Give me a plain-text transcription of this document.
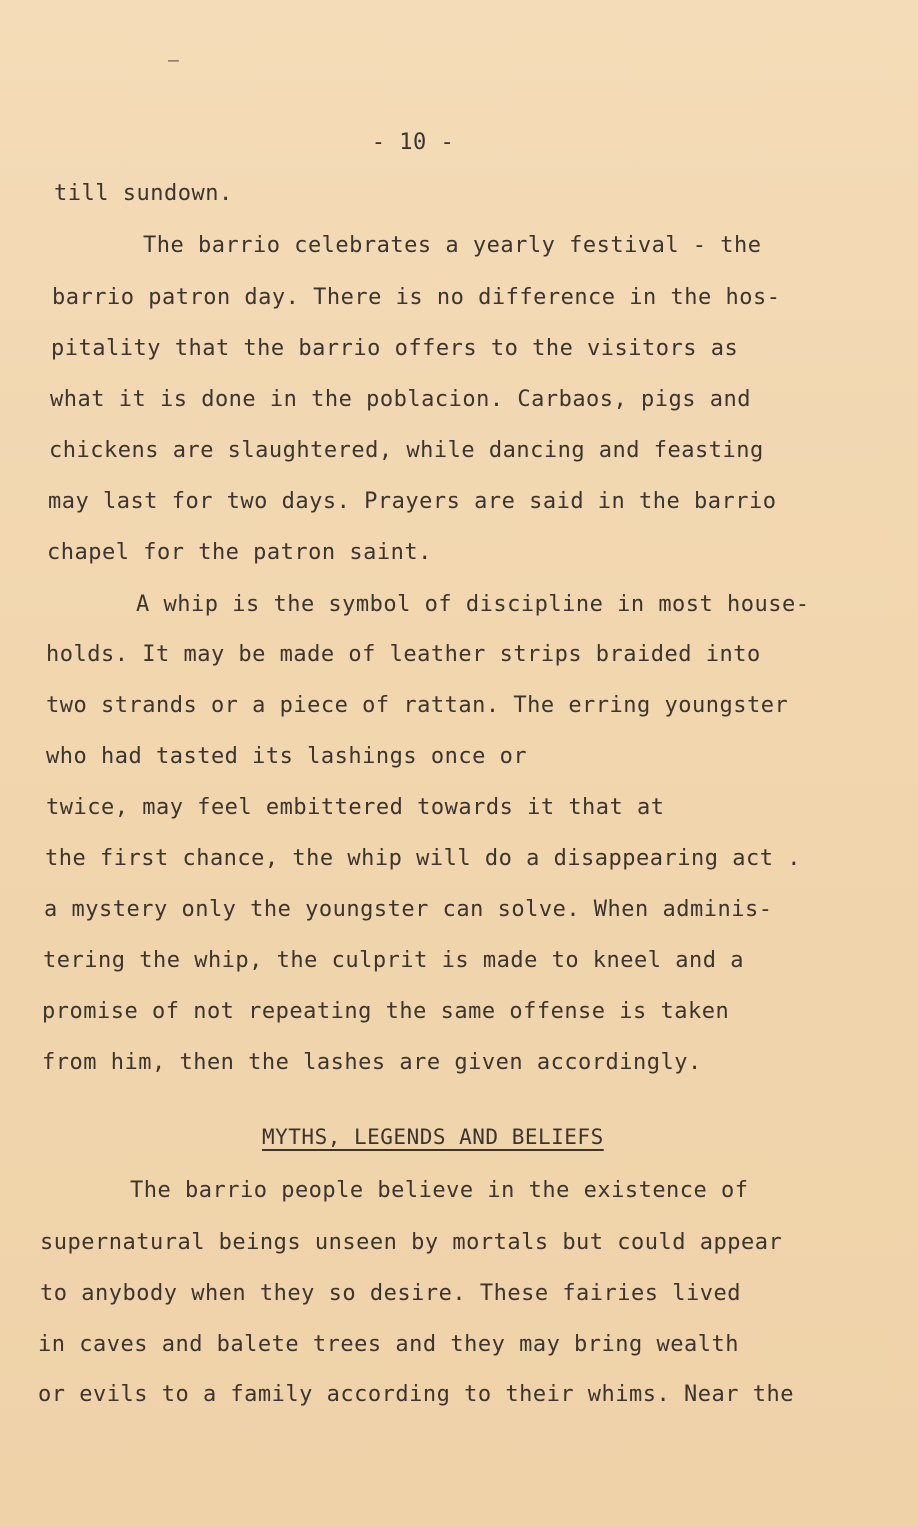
—
- 10 -
till sundown.
The barrio celebrates a yearly festival - the
barrio patron day. There is no difference in the hos-
pitality that the barrio offers to the visitors as
what it is done in the poblacion. Carbaos, pigs and
chickens are slaughtered, while dancing and feasting
may last for two days. Prayers are said in the barrio
chapel for the patron saint.
A whip is the symbol of discipline in most house-
holds. It may be made of leather strips braided into
two strands or a piece of rattan. The erring youngster
who had tasted its lashings once or
twice, may feel embittered towards it that at
the first chance, the whip will do a disappearing act .
a mystery only the youngster can solve. When adminis-
tering the whip, the culprit is made to kneel and a
promise of not repeating the same offense is taken
from him, then the lashes are given accordingly.
MYTHS, LEGENDS AND BELIEFS
The barrio people believe in the existence of
supernatural beings unseen by mortals but could appear
to anybody when they so desire. These fairies lived
in caves and balete trees and they may bring wealth
or evils to a family according to their whims. Near the
